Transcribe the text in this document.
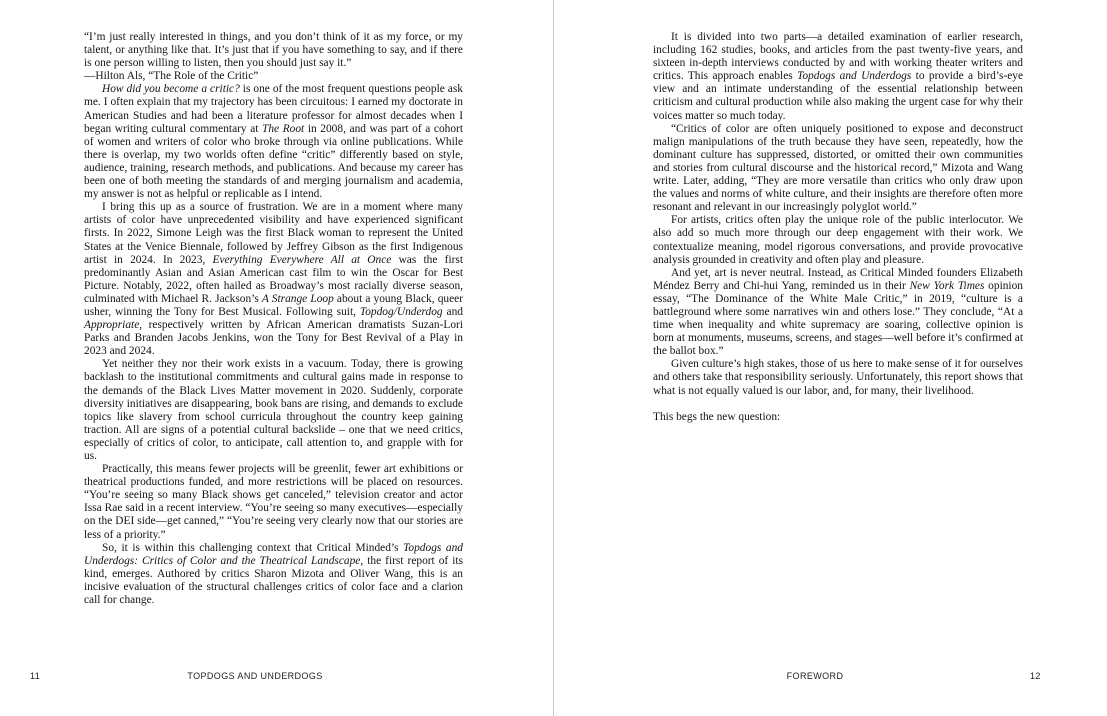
“I’m just really interested in things, and you don’t think of it as my force, or my talent, or anything like that. It’s just that if you have something to say, and if there is one person willing to listen, then you should just say it.”
—Hilton Als, “The Role of the Critic”
How did you become a critic? is one of the most frequent questions people ask me. I often explain that my trajectory has been circuitous: I earned my doctorate in American Studies and had been a literature professor for almost decades when I began writing cultural commentary at The Root in 2008, and was part of a cohort of women and writers of color who broke through via online publications. While there is overlap, my two worlds often define “critic” differently based on style, audience, training, research methods, and publications. And because my career has been one of both meeting the standards of and merging journalism and academia, my answer is not as helpful or replicable as I intend.
I bring this up as a source of frustration. We are in a moment where many artists of color have unprecedented visibility and have experienced significant firsts. In 2022, Simone Leigh was the first Black woman to represent the United States at the Venice Biennale, followed by Jeffrey Gibson as the first Indigenous artist in 2024. In 2023, Everything Everywhere All at Once was the first predominantly Asian and Asian American cast film to win the Oscar for Best Picture. Notably, 2022, often hailed as Broadway’s most racially diverse season, culminated with Michael R. Jackson’s A Strange Loop about a young Black, queer usher, winning the Tony for Best Musical. Following suit, Topdog/Underdog and Appropriate, respectively written by African American dramatists Suzan-Lori Parks and Branden Jacobs Jenkins, won the Tony for Best Revival of a Play in 2023 and 2024.
Yet neither they nor their work exists in a vacuum. Today, there is growing backlash to the institutional commitments and cultural gains made in response to the demands of the Black Lives Matter movement in 2020. Suddenly, corporate diversity initiatives are disappearing, book bans are rising, and demands to exclude topics like slavery from school curricula throughout the country keep gaining traction. All are signs of a potential cultural backslide – one that we need critics, especially of critics of color, to anticipate, call attention to, and grapple with for us.
Practically, this means fewer projects will be greenlit, fewer art exhibitions or theatrical productions funded, and more restrictions will be placed on resources. “You’re seeing so many Black shows get canceled,” television creator and actor Issa Rae said in a recent interview. “You’re seeing so many executives—especially on the DEI side—get canned,” “You’re seeing very clearly now that our stories are less of a priority.”
So, it is within this challenging context that Critical Minded’s Topdogs and Underdogs: Critics of Color and the Theatrical Landscape, the first report of its kind, emerges. Authored by critics Sharon Mizota and Oliver Wang, this is an incisive evaluation of the structural challenges critics of color face and a clarion call for change.
It is divided into two parts—a detailed examination of earlier research, including 162 studies, books, and articles from the past twenty-five years, and sixteen in-depth interviews conducted by and with working theater writers and critics. This approach enables Topdogs and Underdogs to provide a bird’s-eye view and an intimate understanding of the essential relationship between criticism and cultural production while also making the urgent case for why their voices matter so much today.
“Critics of color are often uniquely positioned to expose and deconstruct malign manipulations of the truth because they have seen, repeatedly, how the dominant culture has suppressed, distorted, or omitted their own communities and stories from cultural discourse and the historical record,” Mizota and Wang write. Later, adding, “They are more versatile than critics who only draw upon the values and norms of white culture, and their insights are therefore often more resonant and relevant in our increasingly polyglot world.”
For artists, critics often play the unique role of the public interlocutor. We also add so much more through our deep engagement with their work. We contextualize meaning, model rigorous conversations, and provide provocative analysis grounded in creativity and often play and pleasure.
And yet, art is never neutral. Instead, as Critical Minded founders Elizabeth Méndez Berry and Chi-hui Yang, reminded us in their New York Times opinion essay, “The Dominance of the White Male Critic,” in 2019, “culture is a battleground where some narratives win and others lose.” They conclude, “At a time when inequality and white supremacy are soaring, collective opinion is born at monuments, museums, screens, and stages—well before it’s confirmed at the ballot box.”
Given culture’s high stakes, those of us here to make sense of it for ourselves and others take that responsibility seriously. Unfortunately, this report shows that what is not equally valued is our labor, and, for many, their livelihood.
This begs the new question:
11	TOPDOGS AND UNDERDOGS	FOREWORD	12
